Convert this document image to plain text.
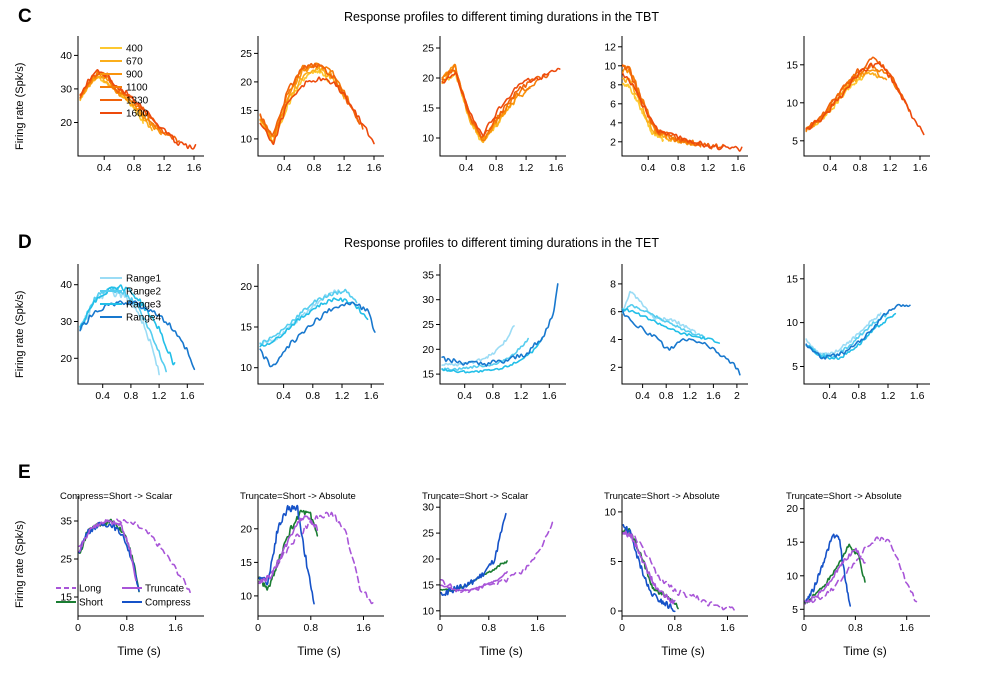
C
D
E
Response profiles to different timing durations in the TBT
Response profiles to different timing durations in the TET
Firing rate (Spk/s)
Firing rate (Spk/s)
Firing rate (Spk/s)
20
30
40
0.4 0.8 1.2 1.6
400
670
900
1100
1330
1600
10
15
20
25
0.4 0.8 1.2 1.6
10
15
20
25
0.4 0.8 1.2 1.6
2
4
6
8
10
12
0.4 0.8 1.2 1.6
5
10
15
0.4 0.8 1.2 1.6
20
30
40
0.4 0.8 1.2 1.6
Range1
Range2
Range3
Range4
10
15
20
0.4 0.8 1.2 1.6
15
20
25
30
35
0.4 0.8 1.2 1.6
2
4
6
8
0.4 0.8 1.2 1.6 2
5
10
15
0.4 0.8 1.2 1.6
15
25
35
0	0.8	1.6
Compress=Short -> Scalar
Long	Truncate
Short	Compress
10
15
20
0	0.8	1.6
Truncate=Short -> Absolute
10
15
20
25
30
0	0.8	1.6
Truncate=Short -> Scalar
0
5
10
0	0.8	1.6
Truncate=Short -> Absolute
5
10
15
20
0	0.8	1.6
Truncate=Short -> Absolute
Time (s)	Time (s)	Time (s)	Time (s)	Time (s)
